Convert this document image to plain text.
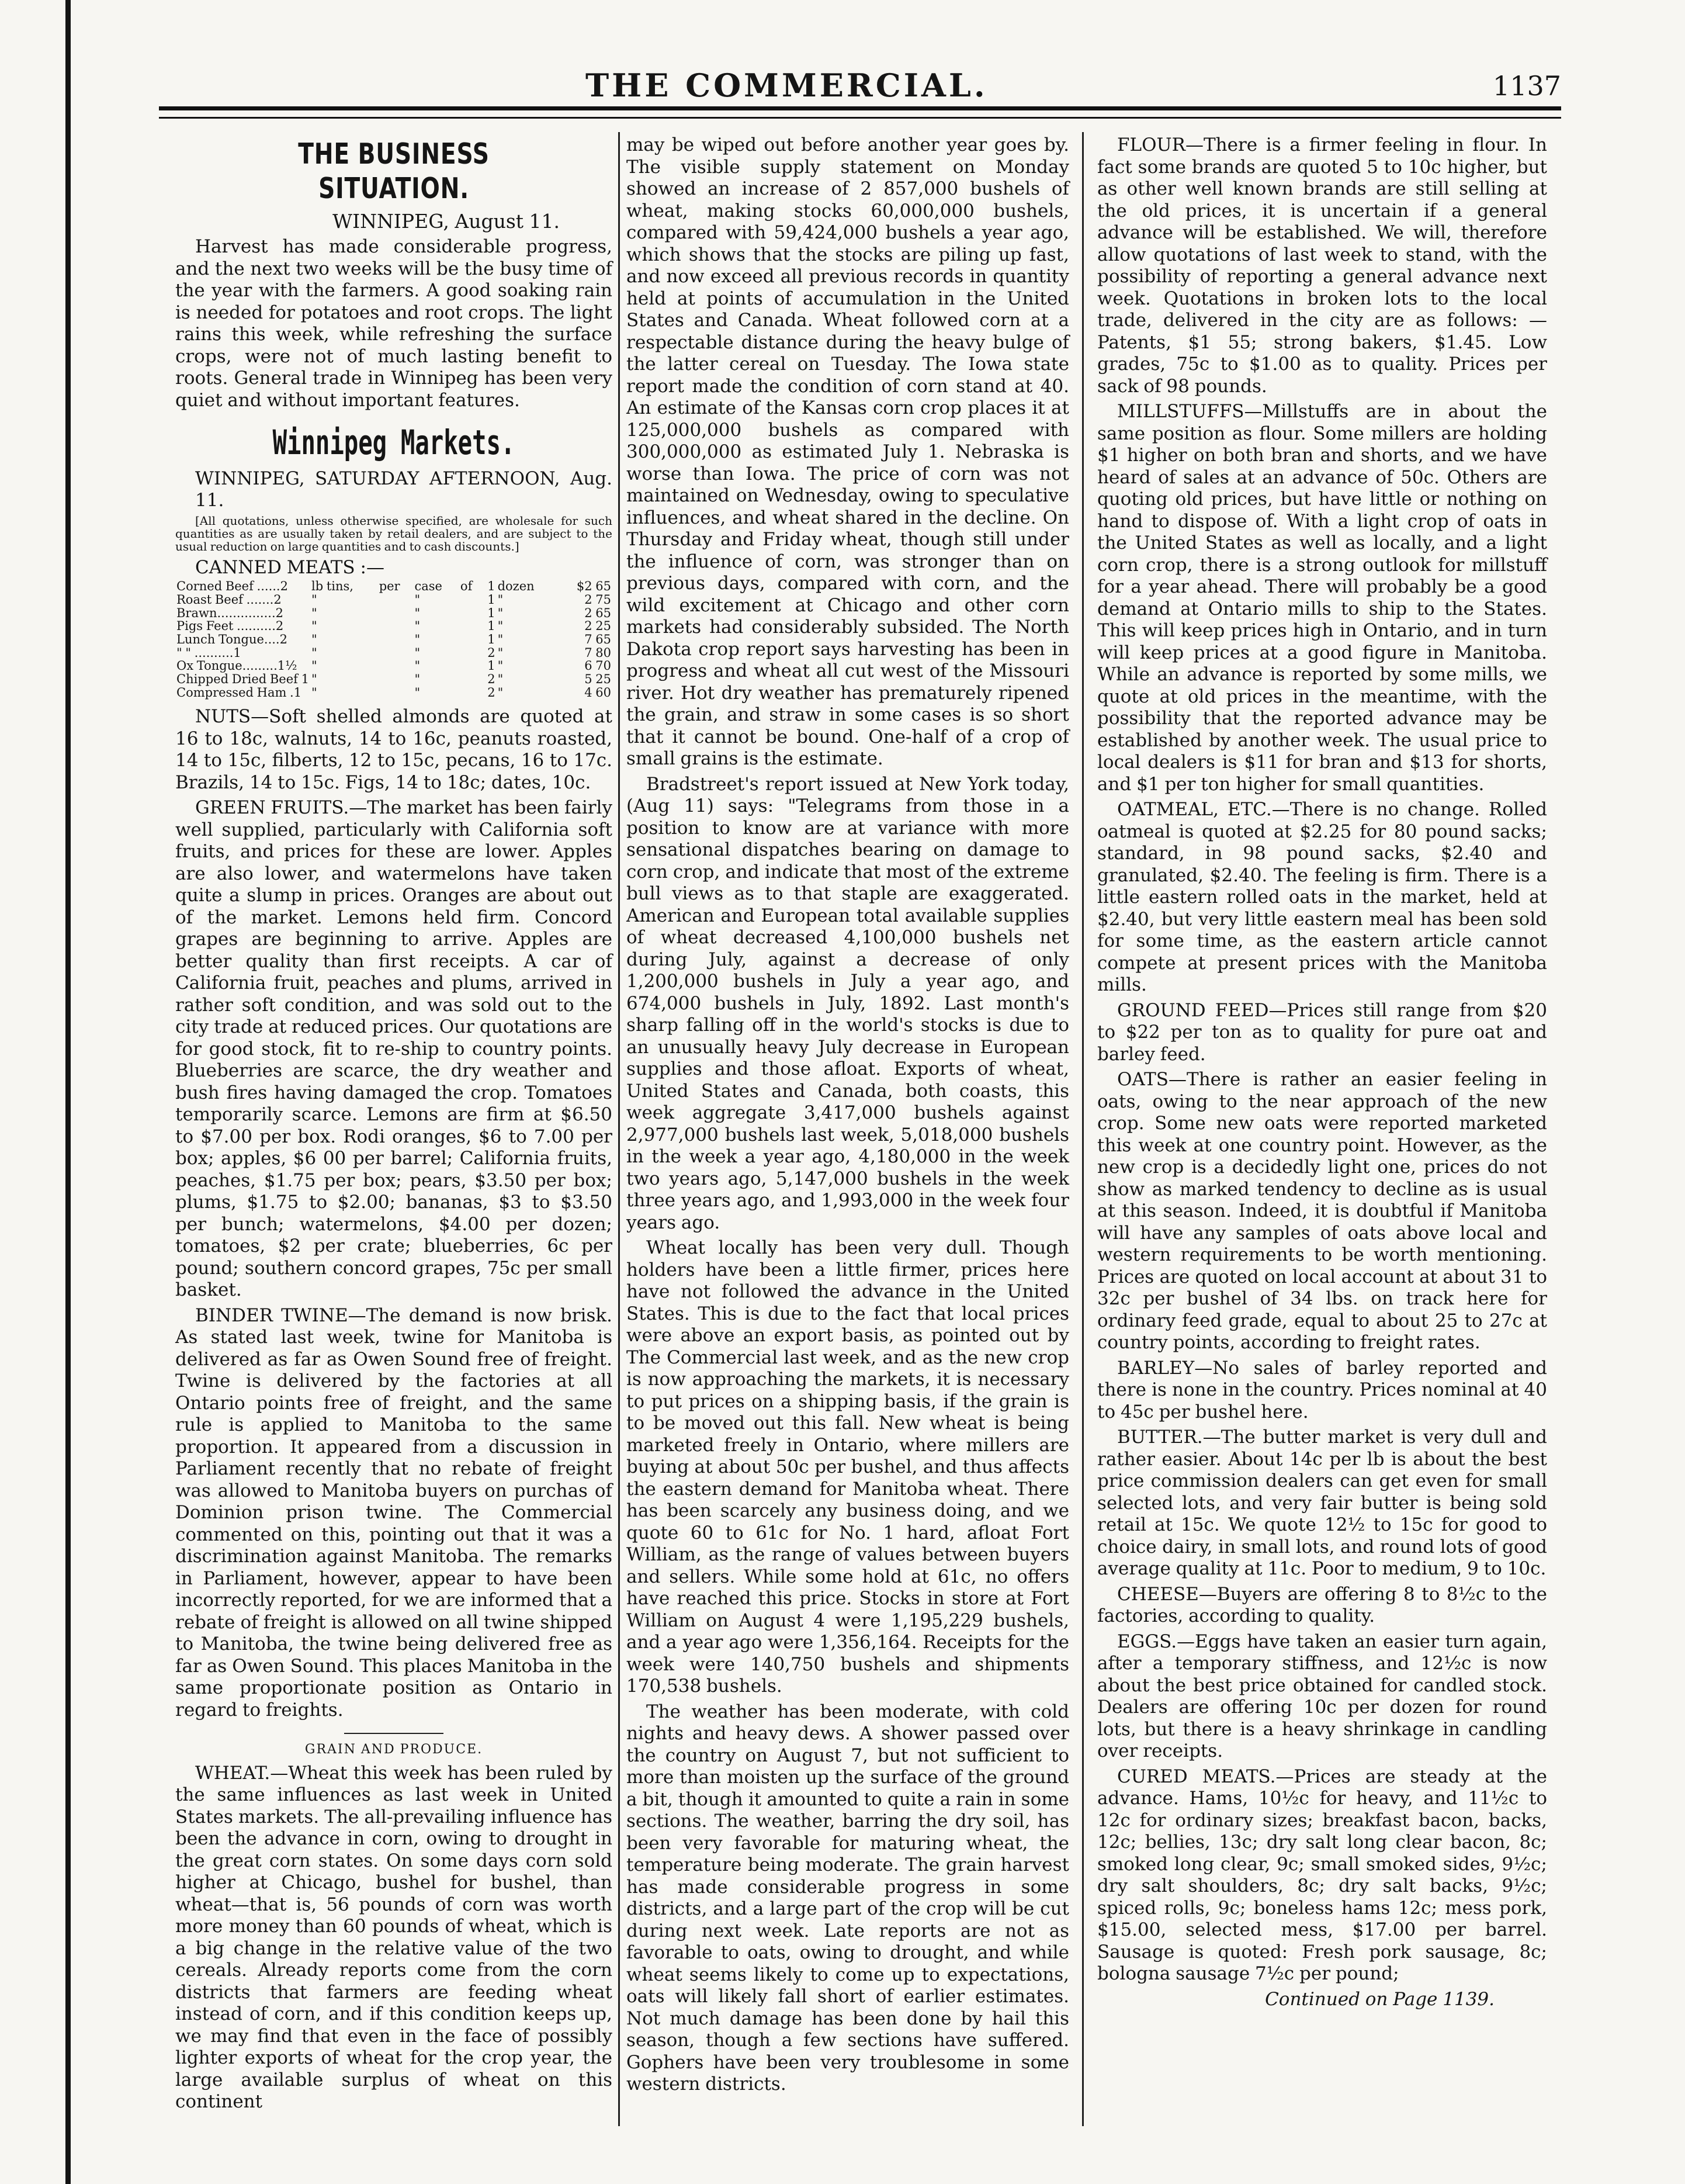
THE COMMERCIAL.	1137
THE BUSINESS SITUATION.
WINNIPEG, August 11.

Harvest has made considerable progress, and the next two weeks will be the busy time of the year with the farmers. A good soaking rain is needed for potatoes and root crops. The light rains this week, while refreshing the surface crops, were not of much lasting benefit to roots. General trade in Winnipeg has been very quiet and without important features.

Winnipeg Markets.
WINNIPEG, SATURDAY AFTERNOON, Aug. 11.

[All quotations, unless otherwise specified, are wholesale for such quantities as are usually taken by retail dealers, and are subject to the usual reduction on large quantities and to cash discounts.]

CANNED MEATS :—
Corned Beef ......2	lb tins,	per	case	of	1	dozen	$2 65
Roast Beef .......2	"		"		1	"	2 75
Brawn...............2	"		"		1	"	2 65
Pigs Feet ..........2	"		"		1	"	2 25
Lunch Tongue....2	"		"		1	"	7 65
" " ..........1	"		"		2	"	7 80
Ox Tongue.........1½	"		"		1	"	6 70
Chipped Dried Beef 1	"		"		2	"	5 25
Compressed Ham .1	"		"		2	"	4 60

NUTS—Soft shelled almonds are quoted at 16 to 18c, walnuts, 14 to 16c, peanuts roasted, 14 to 15c, filberts, 12 to 15c, pecans, 16 to 17c. Brazils, 14 to 15c. Figs, 14 to 18c; dates, 10c.

GREEN FRUITS.—The market has been fairly well supplied, particularly with California soft fruits, and prices for these are lower. Apples are also lower, and watermelons have taken quite a slump in prices. Oranges are about out of the market. Lemons held firm. Concord grapes are beginning to arrive. Apples are better quality than first receipts. A car of California fruit, peaches and plums, arrived in rather soft condition, and was sold out to the city trade at reduced prices. Our quotations are for good stock, fit to re-ship to country points. Blueberries are scarce, the dry weather and bush fires having damaged the crop. Tomatoes temporarily scarce. Lemons are firm at $6.50 to $7.00 per box. Rodi oranges, $6 to 7.00 per box; apples, $6 00 per barrel; California fruits, peaches, $1.75 per box; pears, $3.50 per box; plums, $1.75 to $2.00; bananas, $3 to $3.50 per bunch; watermelons, $4.00 per dozen; tomatoes, $2 per crate; blueberries, 6c per pound; southern concord grapes, 75c per small basket.

BINDER TWINE—The demand is now brisk. As stated last week, twine for Manitoba is delivered as far as Owen Sound free of freight. Twine is delivered by the factories at all Ontario points free of freight, and the same rule is applied to Manitoba to the same proportion. It appeared from a discussion in Parliament recently that no rebate of freight was allowed to Manitoba buyers on purchas of Dominion prison twine. The Commercial commented on this, pointing out that it was a discrimination against Manitoba. The remarks in Parliament, however, appear to have been incorrectly reported, for we are informed that a rebate of freight is allowed on all twine shipped to Manitoba, the twine being delivered free as far as Owen Sound. This places Manitoba in the same proportionate position as Ontario in regard to freights.

GRAIN AND PRODUCE.

WHEAT.—Wheat this week has been ruled by the same influences as last week in United States markets. The all-prevailing influence has been the advance in corn, owing to drought in the great corn states. On some days corn sold higher at Chicago, bushel for bushel, than wheat—that is, 56 pounds of corn was worth more money than 60 pounds of wheat, which is a big change in the relative value of the two cereals. Already reports come from the corn districts that farmers are feeding wheat instead of corn, and if this condition keeps up, we may find that even in the face of possibly lighter exports of wheat for the crop year, the large available surplus of wheat on this continent

may be wiped out before another year goes by. The visible supply statement on Monday showed an increase of 2 857,000 bushels of wheat, making stocks 60,000,000 bushels, compared with 59,424,000 bushels a year ago, which shows that the stocks are piling up fast, and now exceed all previous records in quantity held at points of accumulation in the United States and Canada. Wheat followed corn at a respectable distance during the heavy bulge of the latter cereal on Tuesday. The Iowa state report made the condition of corn stand at 40. An estimate of the Kansas corn crop places it at 125,000,000 bushels as compared with 300,000,000 as estimated July 1. Nebraska is worse than Iowa. The price of corn was not maintained on Wednesday, owing to speculative influences, and wheat shared in the decline. On Thursday and Friday wheat, though still under the influence of corn, was stronger than on previous days, compared with corn, and the wild excitement at Chicago and other corn markets had considerably subsided. The North Dakota crop report says harvesting has been in progress and wheat all cut west of the Missouri river. Hot dry weather has prematurely ripened the grain, and straw in some cases is so short that it cannot be bound. One-half of a crop of small grains is the estimate.

Bradstreet's report issued at New York today, (Aug 11) says: "Telegrams from those in a position to know are at variance with more sensational dispatches bearing on damage to corn crop, and indicate that most of the extreme bull views as to that staple are exaggerated. American and European total available supplies of wheat decreased 4,100,000 bushels net during July, against a decrease of only 1,200,000 bushels in July a year ago, and 674,000 bushels in July, 1892. Last month's sharp falling off in the world's stocks is due to an unusually heavy July decrease in European supplies and those afloat. Exports of wheat, United States and Canada, both coasts, this week aggregate 3,417,000 bushels against 2,977,000 bushels last week, 5,018,000 bushels in the week a year ago, 4,180,000 in the week two years ago, 5,147,000 bushels in the week three years ago, and 1,993,000 in the week four years ago.

Wheat locally has been very dull. Though holders have been a little firmer, prices here have not followed the advance in the United States. This is due to the fact that local prices were above an export basis, as pointed out by The Commercial last week, and as the new crop is now approaching the markets, it is necessary to put prices on a shipping basis, if the grain is to be moved out this fall. New wheat is being marketed freely in Ontario, where millers are buying at about 50c per bushel, and thus affects the eastern demand for Manitoba wheat. There has been scarcely any business doing, and we quote 60 to 61c for No. 1 hard, afloat Fort William, as the range of values between buyers and sellers. While some hold at 61c, no offers have reached this price. Stocks in store at Fort William on August 4 were 1,195,229 bushels, and a year ago were 1,356,164. Receipts for the week were 140,750 bushels and shipments 170,538 bushels.

The weather has been moderate, with cold nights and heavy dews. A shower passed over the country on August 7, but not sufficient to more than moisten up the surface of the ground a bit, though it amounted to quite a rain in some sections. The weather, barring the dry soil, has been very favorable for maturing wheat, the temperature being moderate. The grain harvest has made considerable progress in some districts, and a large part of the crop will be cut during next week. Late reports are not as favorable to oats, owing to drought, and while wheat seems likely to come up to expectations, oats will likely fall short of earlier estimates. Not much damage has been done by hail this season, though a few sections have suffered. Gophers have been very troublesome in some western districts.

FLOUR—There is a firmer feeling in flour. In fact some brands are quoted 5 to 10c higher, but as other well known brands are still selling at the old prices, it is uncertain if a general advance will be established. We will, therefore allow quotations of last week to stand, with the possibility of reporting a general advance next week. Quotations in broken lots to the local trade, delivered in the city are as follows: — Patents, $1 55; strong bakers, $1.45. Low grades, 75c to $1.00 as to quality. Prices per sack of 98 pounds.

MILLSTUFFS—Millstuffs are in about the same position as flour. Some millers are holding $1 higher on both bran and shorts, and we have heard of sales at an advance of 50c. Others are quoting old prices, but have little or nothing on hand to dispose of. With a light crop of oats in the United States as well as locally, and a light corn crop, there is a strong outlook for millstuff for a year ahead. There will probably be a good demand at Ontario mills to ship to the States. This will keep prices high in Ontario, and in turn will keep prices at a good figure in Manitoba. While an advance is reported by some mills, we quote at old prices in the meantime, with the possibility that the reported advance may be established by another week. The usual price to local dealers is $11 for bran and $13 for shorts, and $1 per ton higher for small quantities.

OATMEAL, ETC.—There is no change. Rolled oatmeal is quoted at $2.25 for 80 pound sacks; standard, in 98 pound sacks, $2.40 and granulated, $2.40. The feeling is firm. There is a little eastern rolled oats in the market, held at $2.40, but very little eastern meal has been sold for some time, as the eastern article cannot compete at present prices with the Manitoba mills.

GROUND FEED—Prices still range from $20 to $22 per ton as to quality for pure oat and barley feed.

OATS—There is rather an easier feeling in oats, owing to the near approach of the new crop. Some new oats were reported marketed this week at one country point. However, as the new crop is a decidedly light one, prices do not show as marked tendency to decline as is usual at this season. Indeed, it is doubtful if Manitoba will have any samples of oats above local and western requirements to be worth mentioning. Prices are quoted on local account at about 31 to 32c per bushel of 34 lbs. on track here for ordinary feed grade, equal to about 25 to 27c at country points, according to freight rates.

BARLEY—No sales of barley reported and there is none in the country. Prices nominal at 40 to 45c per bushel here.

BUTTER.—The butter market is very dull and rather easier. About 14c per lb is about the best price commission dealers can get even for small selected lots, and very fair butter is being sold retail at 15c. We quote 12½ to 15c for good to choice dairy, in small lots, and round lots of good average quality at 11c. Poor to medium, 9 to 10c.

CHEESE—Buyers are offering 8 to 8½c to the factories, according to quality.

EGGS.—Eggs have taken an easier turn again, after a temporary stiffness, and 12½c is now about the best price obtained for candled stock. Dealers are offering 10c per dozen for round lots, but there is a heavy shrinkage in candling over receipts.

CURED MEATS.—Prices are steady at the advance. Hams, 10½c for heavy, and 11½c to 12c for ordinary sizes; breakfast bacon, backs, 12c; bellies, 13c; dry salt long clear bacon, 8c; smoked long clear, 9c; small smoked sides, 9½c; dry salt shoulders, 8c; dry salt backs, 9½c; spiced rolls, 9c; boneless hams 12c; mess pork, $15.00, selected mess, $17.00 per barrel. Sausage is quoted: Fresh pork sausage, 8c; bologna sausage 7½c per pound;

Continued on Page 1139.
